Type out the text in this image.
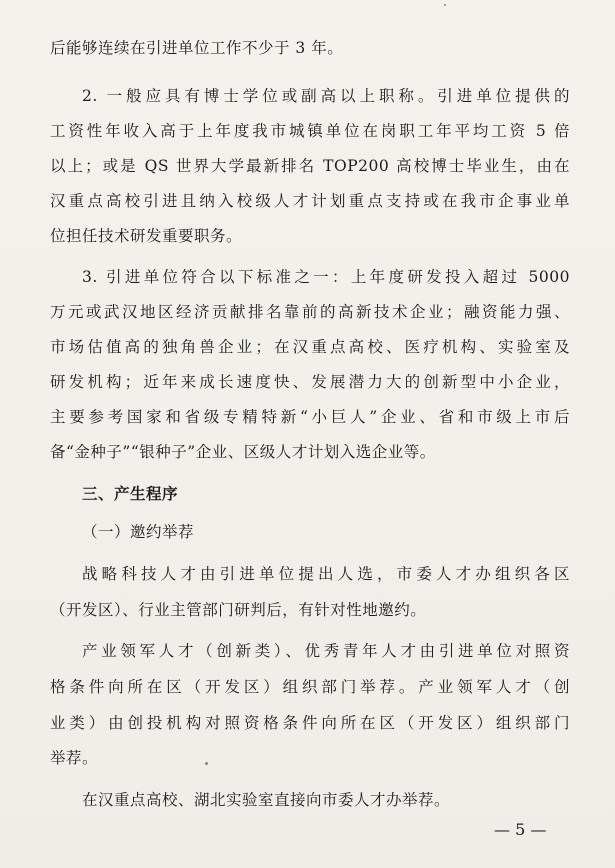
后能够连续在引进单位工作不少于 3 年。
2. 一般应具有博士学位或副高以上职称。引进单位提供的
工资性年收入高于上年度我市城镇单位在岗职工年平均工资 5 倍
以上；或是 QS 世界大学最新排名 TOP200 高校博士毕业生，由在
汉重点高校引进且纳入校级人才计划重点支持或在我市企事业单
位担任技术研发重要职务。
3. 引进单位符合以下标准之一：上年度研发投入超过 5000
万元或武汉地区经济贡献排名靠前的高新技术企业；融资能力强、
市场估值高的独角兽企业；在汉重点高校、医疗机构、实验室及
研发机构；近年来成长速度快、发展潜力大的创新型中小企业，
主要参考国家和省级专精特新“小巨人”企业、省和市级上市后
备“金种子”“银种子”企业、区级人才计划入选企业等。
三、产生程序
（一）邀约举荐
战略科技人才由引进单位提出人选，市委人才办组织各区
（开发区）、行业主管部门研判后，有针对性地邀约。
产业领军人才（创新类）、优秀青年人才由引进单位对照资
格条件向所在区（开发区）组织部门举荐。产业领军人才（创
业类）由创投机构对照资格条件向所在区（开发区）组织部门
举荐。
在汉重点高校、湖北实验室直接向市委人才办举荐。
— 5 —
